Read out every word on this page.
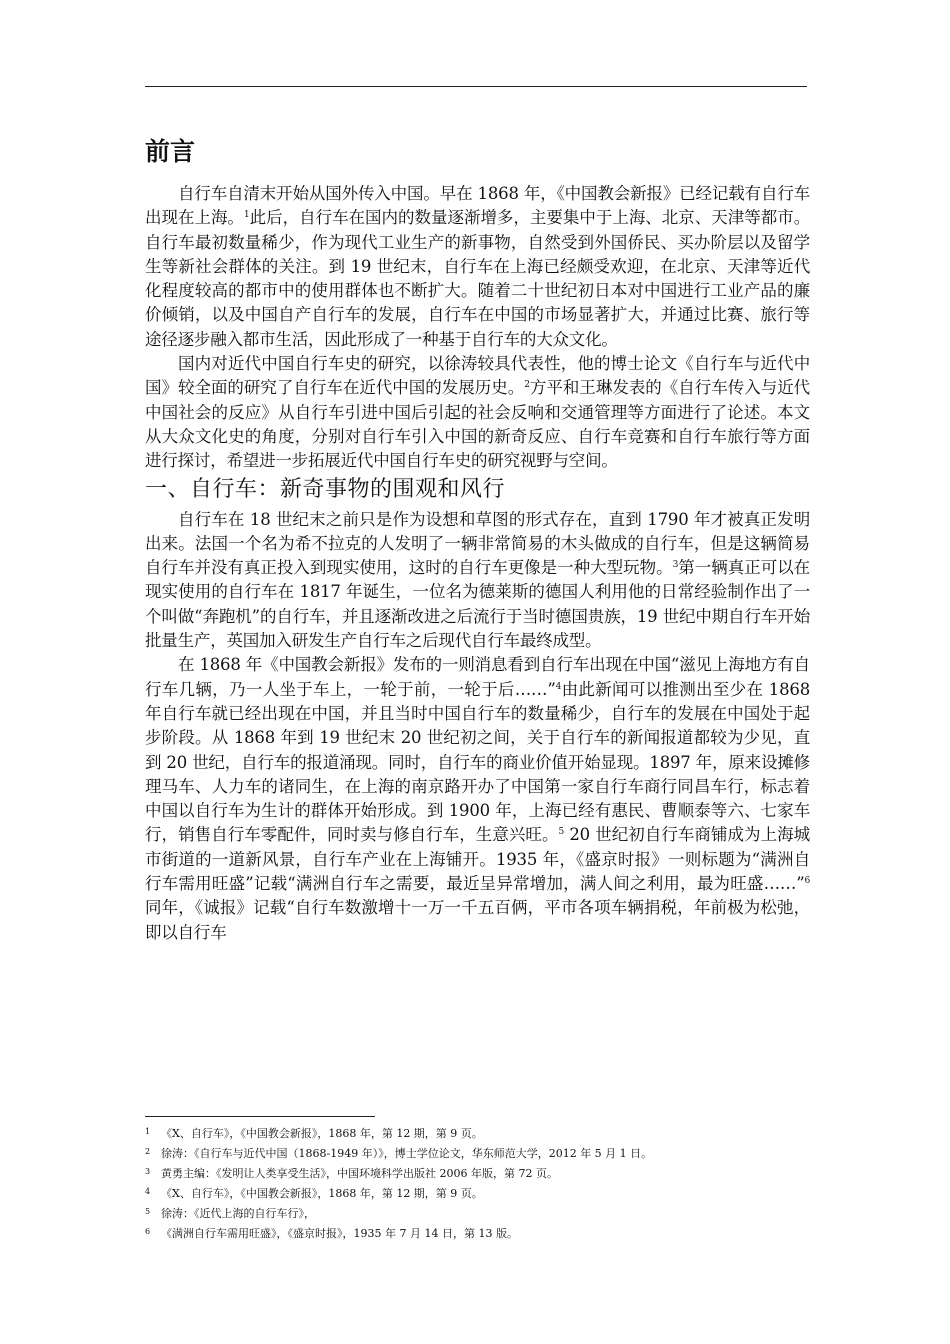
前言

自行车自清末开始从国外传入中国。早在 1868 年，《中国教会新报》已经记载有自行车出现在上海。$^1$此后，自行车在国内的数量逐渐增多，主要集中于上海、北京、天津等都市。自行车最初数量稀少，作为现代工业生产的新事物，自然受到外国侨民、买办阶层以及留学生等新社会群体的关注。到 19 世纪末，自行车在上海已经颇受欢迎，在北京、天津等近代化程度较高的都市中的使用群体也不断扩大。随着二十世纪初日本对中国进行工业产品的廉价倾销，以及中国自产自行车的发展，自行车在中国的市场显著扩大，并通过比赛、旅行等途径逐步融入都市生活，因此形成了一种基于自行车的大众文化。

国内对近代中国自行车史的研究，以徐涛较具代表性，他的博士论文《自行车与近代中国》较全面的研究了自行车在近代中国的发展历史。$^2$方平和王琳发表的《自行车传入与近代中国社会的反应》从自行车引进中国后引起的社会反响和交通管理等方面进行了论述。本文从大众文化史的角度，分别对自行车引入中国的新奇反应、自行车竞赛和自行车旅行等方面进行探讨，希望进一步拓展近代中国自行车史的研究视野与空间。

一、自行车：新奇事物的围观和风行

自行车在 18 世纪末之前只是作为设想和草图的形式存在，直到 1790 年才被真正发明出来。法国一个名为希不拉克的人发明了一辆非常简易的木头做成的自行车，但是这辆简易自行车并没有真正投入到现实使用，这时的自行车更像是一种大型玩物。$^3$第一辆真正可以在现实使用的自行车在 1817 年诞生，一位名为德莱斯的德国人利用他的日常经验制作出了一个叫做“奔跑机”的自行车，并且逐渐改进之后流行于当时德国贵族，19 世纪中期自行车开始批量生产，英国加入研发生产自行车之后现代自行车最终成型。

在 1868 年《中国教会新报》发布的一则消息看到自行车出现在中国“滋见上海地方有自行车几辆，乃一人坐于车上，一轮于前，一轮于后……”$^4$由此新闻可以推测出至少在 1868 年自行车就已经出现在中国，并且当时中国自行车的数量稀少，自行车的发展在中国处于起步阶段。从 1868 年到 19 世纪末 20 世纪初之间，关于自行车的新闻报道都较为少见，直到 20 世纪，自行车的报道涌现。同时，自行车的商业价值开始显现。1897 年，原来设摊修理马车、人力车的诸同生，在上海的南京路开办了中国第一家自行车商行同昌车行，标志着中国以自行车为生计的群体开始形成。到 1900 年，上海已经有惠民、曹顺泰等六、七家车行，销售自行车零配件，同时卖与修自行车，生意兴旺。$^5$ 20 世纪初自行车商铺成为上海城市街道的一道新风景，自行车产业在上海铺开。1935 年，《盛京时报》一则标题为“满洲自行车需用旺盛”记载“满洲自行车之需要，最近呈异常增加，满人间之利用，最为旺盛……”$^6$同年，《诚报》记载“自行车数激增十一万一千五百俩，平市各项车辆捐税，年前极为松弛，即以自行车

1 《X、自行车》，《中国教会新报》，1868 年，第 12 期，第 9 页。
2 徐涛：《自行车与近代中国（1868-1949 年）》，博士学位论文，华东师范大学，2012 年 5 月 1 日。
3 黄勇主编：《发明让人类享受生活》，中国环境科学出版社 2006 年版，第 72 页。
4 《X、自行车》，《中国教会新报》，1868 年，第 12 期，第 9 页。
5 徐涛：《近代上海的自行车行》，
6 《满洲自行车需用旺盛》，《盛京时报》，1935 年 7 月 14 日，第 13 版。
